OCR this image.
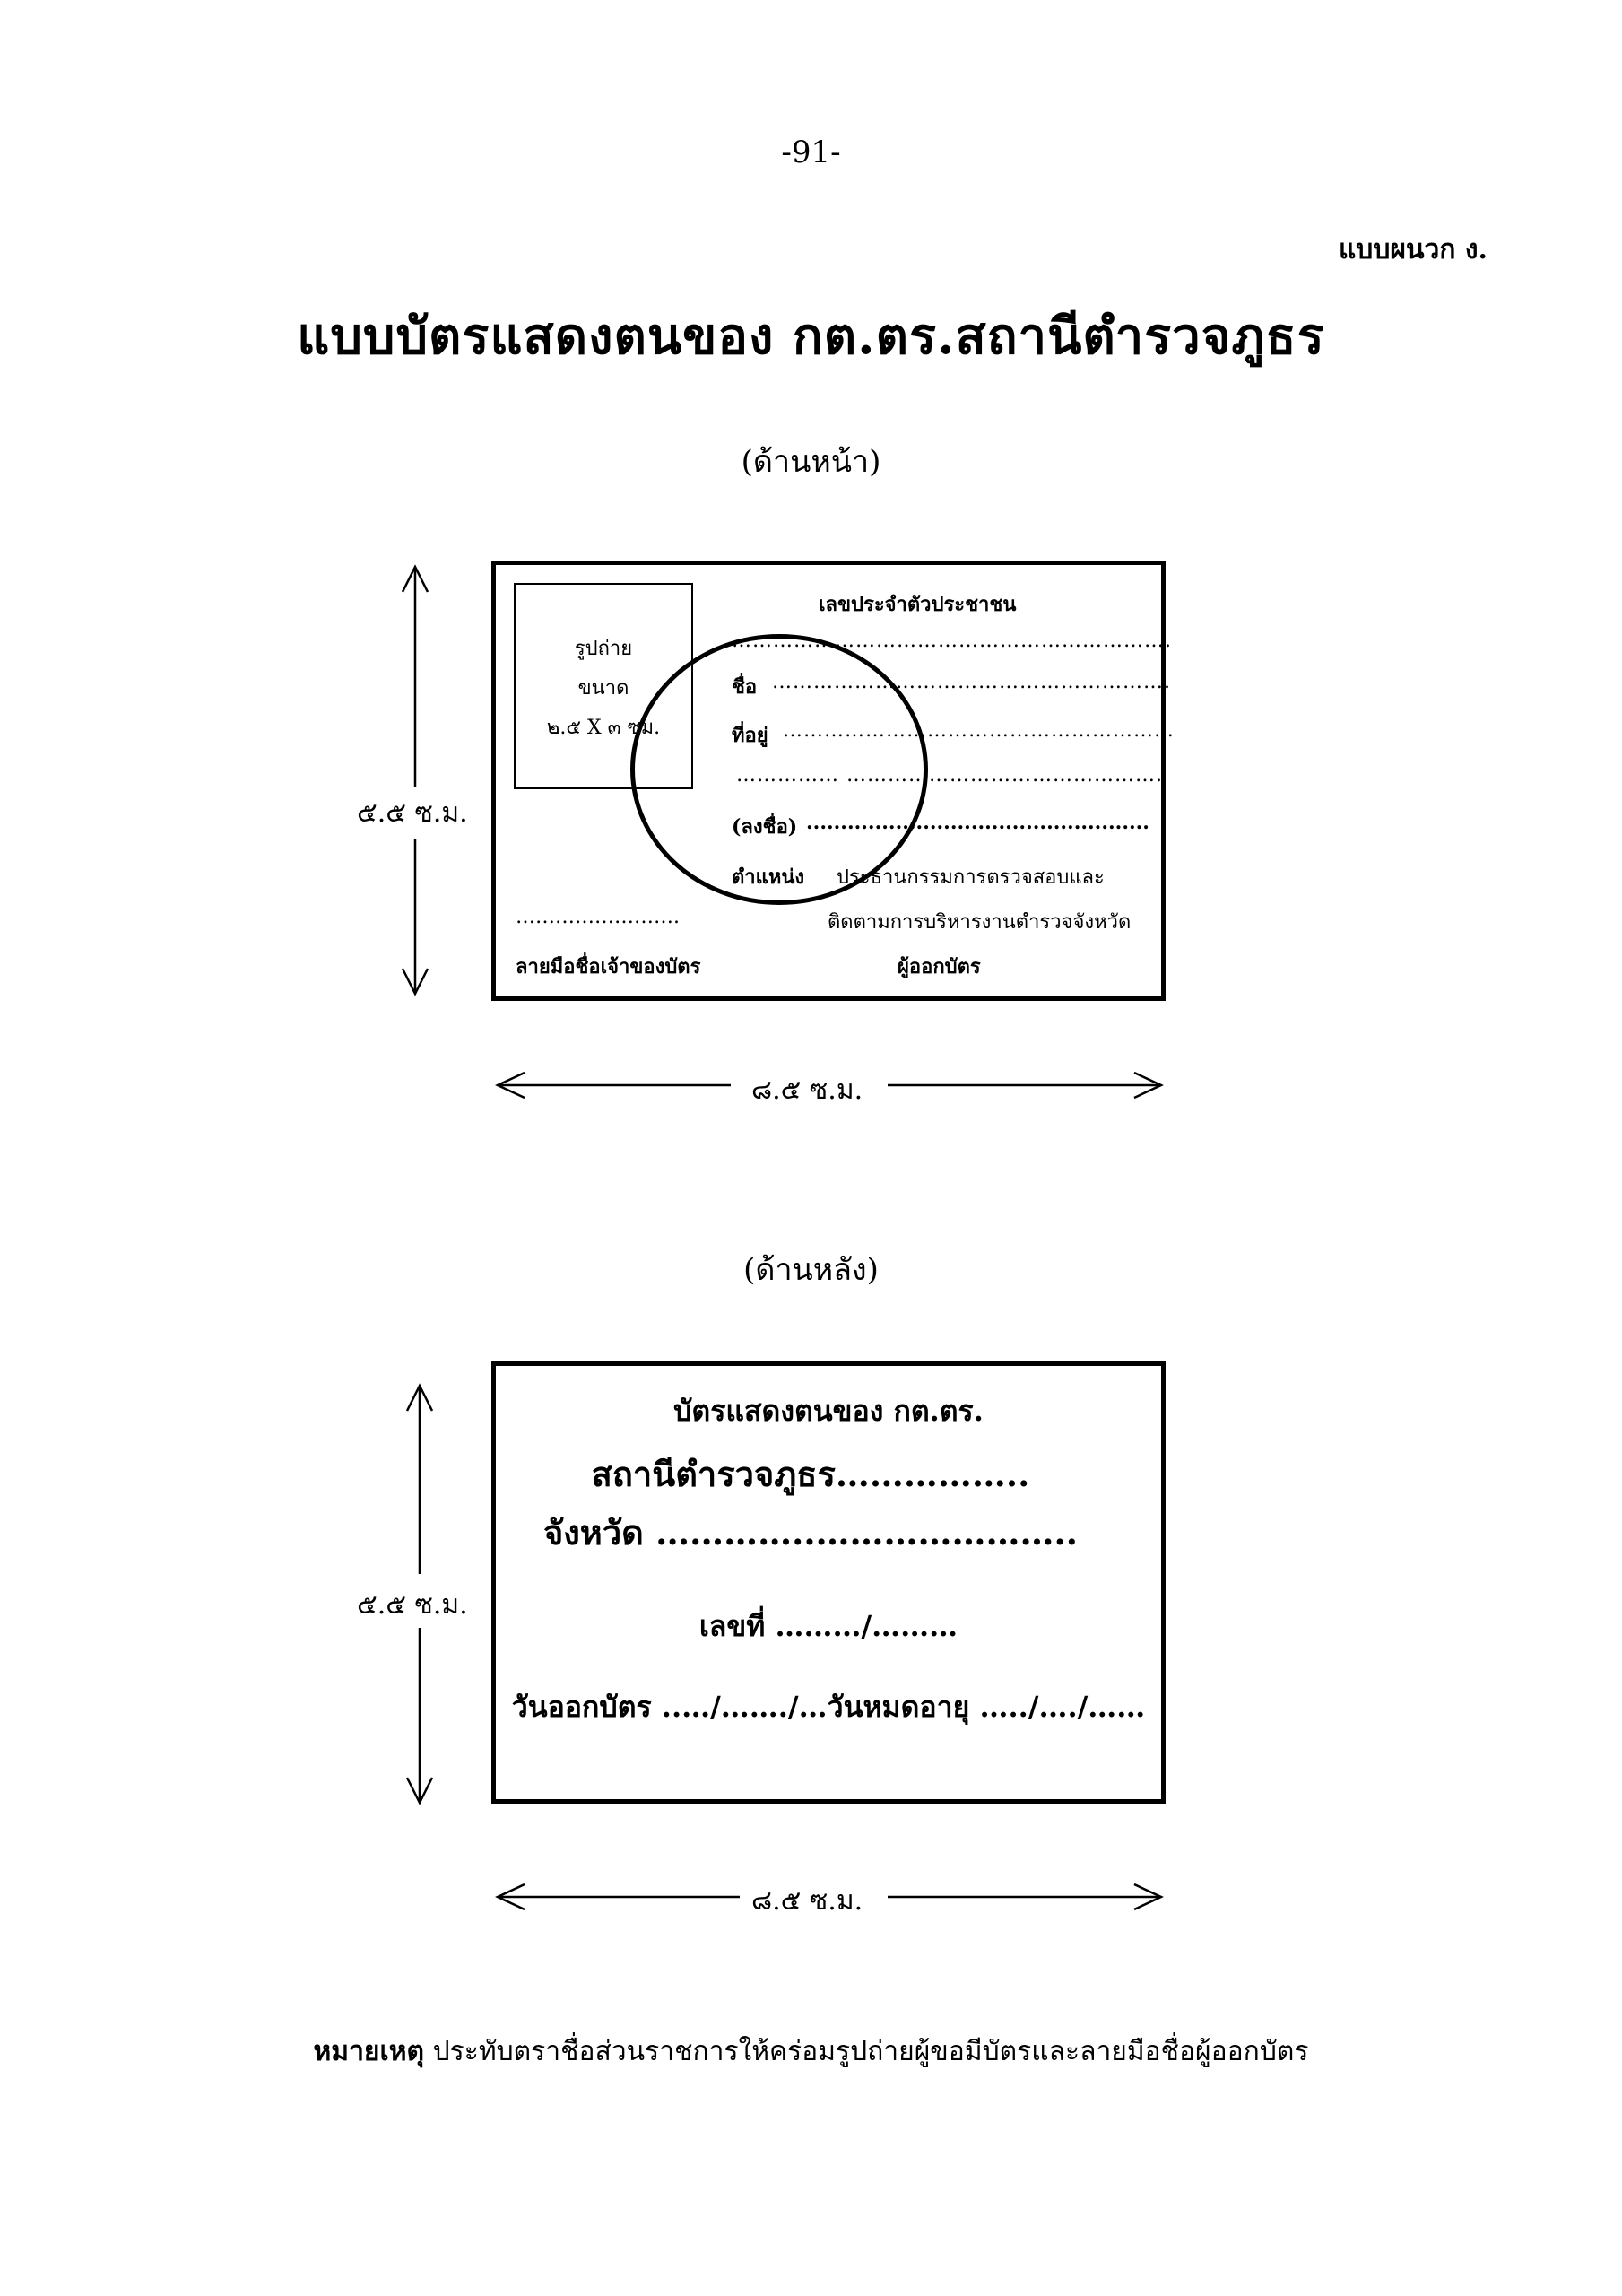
-91-
แบบผนวก ง.
แบบบัตรแสดงตนของ กต.ตร.สถานีตำรวจภูธร
(ด้านหน้า)
๕.๕ ซ.ม.
๘.๕ ซ.ม.
รูปถ่าย
ขนาด
๒.๕ X ๓ ซม.
เลขประจำตัวประชาชน
……………………………………………………….
ชื่อ ………………………………………………….
ที่อยู่ …………………………………………………
…………… ……………………………………….
(ลงชื่อ) ..................................................
ตำแหน่ง ประธานกรรมการตรวจสอบและ
ติดตามการบริหารงานตำรวจจังหวัด
…………………….
ลายมือชื่อเจ้าของบัตร	ผู้ออกบัตร
(ด้านหลัง)
๕.๕ ซ.ม.
๘.๕ ซ.ม.
บัตรแสดงตนของ กต.ตร.
สถานีตำรวจภูธร……………..
จังหวัด …………..…………………..
เลขที่ ………/………
วันออกบัตร ..…/……./…วันหมดอายุ …../…./……
หมายเหตุ ประทับตราชื่อส่วนราชการให้คร่อมรูปถ่ายผู้ขอมีบัตรและลายมือชื่อผู้ออกบัตร
